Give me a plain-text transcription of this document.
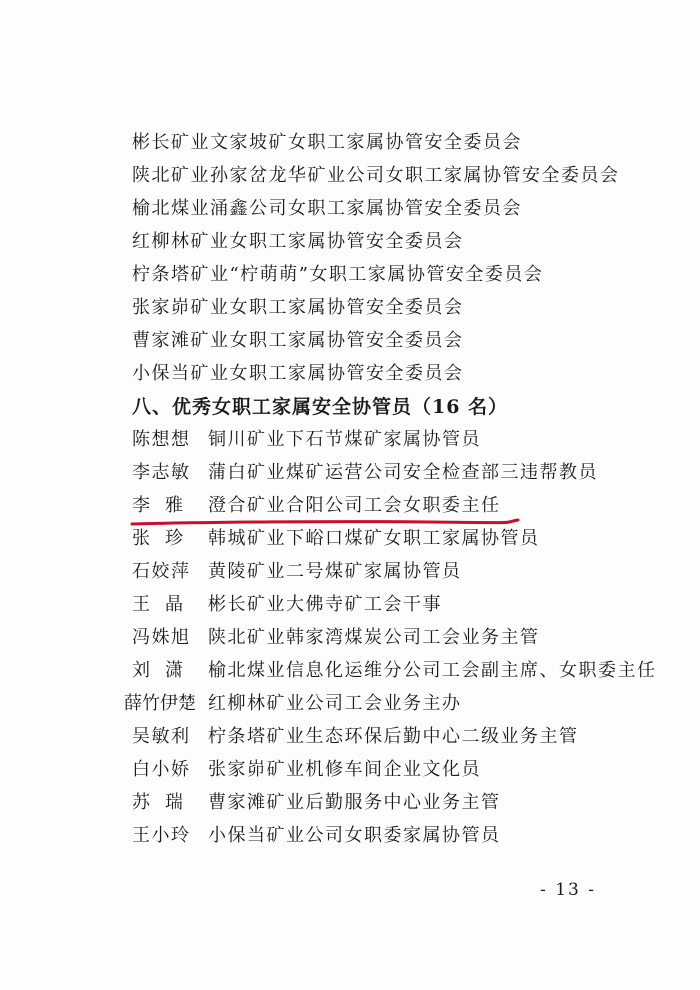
彬长矿业文家坡矿女职工家属协管安全委员会
陕北矿业孙家岔龙华矿业公司女职工家属协管安全委员会
榆北煤业涌鑫公司女职工家属协管安全委员会
红柳林矿业女职工家属协管安全委员会
柠条塔矿业“柠萌萌”女职工家属协管安全委员会
张家峁矿业女职工家属协管安全委员会
曹家滩矿业女职工家属协管安全委员会
小保当矿业女职工家属协管安全委员会
八、优秀女职工家属安全协管员（16 名）
陈想想 铜川矿业下石节煤矿家属协管员
李志敏 蒲白矿业煤矿运营公司安全检查部三违帮教员
李雅 澄合矿业合阳公司工会女职委主任
张珍 韩城矿业下峪口煤矿女职工家属协管员
石姣萍 黄陵矿业二号煤矿家属协管员
王晶 彬长矿业大佛寺矿工会干事
冯姝旭 陕北矿业韩家湾煤炭公司工会业务主管
刘潇 榆北煤业信息化运维分公司工会副主席、女职委主任
薛竹伊楚 红柳林矿业公司工会业务主办
吴敏利 柠条塔矿业生态环保后勤中心二级业务主管
白小娇 张家峁矿业机修车间企业文化员
苏瑞 曹家滩矿业后勤服务中心业务主管
王小玲 小保当矿业公司女职委家属协管员
- 13 -
